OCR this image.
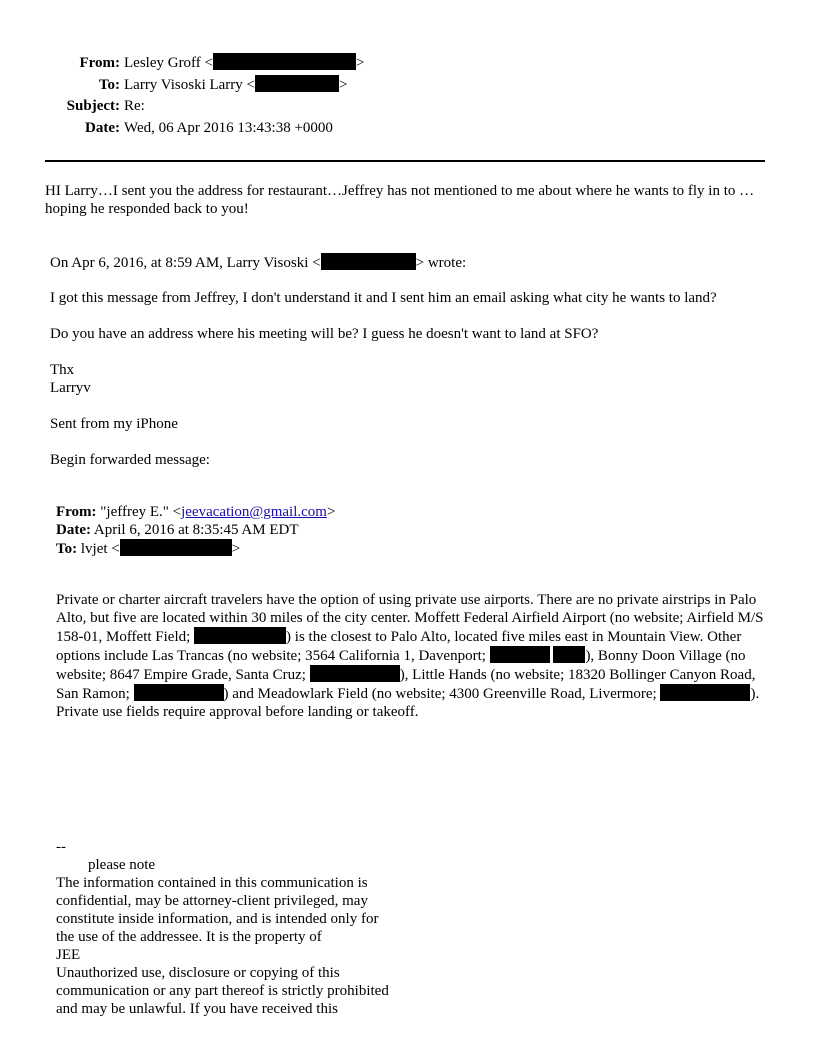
From: Lesley Groff <	>
To: Larry Visoski Larry <	>
Subject: Re:
Date: Wed, 06 Apr 2016 13:43:38 +0000
HI Larry…I sent you the address for restaurant…Jeffrey has not mentioned to me about where he wants to fly in to …hoping he responded back to you!
On Apr 6, 2016, at 8:59 AM, Larry Visoski <	> wrote:
I got this message from Jeffrey, I don't understand it and I sent him an email asking what city he wants to land?
Do you have an address where his meeting will be? I guess he doesn't want to land at SFO?
Thx
Larryv
Sent from my iPhone
Begin forwarded message:
From: "jeffrey E." <jeevacation@gmail.com>
Date: April 6, 2016 at 8:35:45 AM EDT
To: lvjet <	>
Private or charter aircraft travelers have the option of using private use airports. There are no private airstrips in Palo Alto, but five are located within 30 miles of the city center. Moffett Federal Airfield Airport (no website; Airfield M/S 158-01, Moffett Field;	) is the closest to Palo Alto, located five miles east in Mountain View. Other options include Las Trancas (no website; 3564 California 1, Davenport;	), Bonny Doon Village (no website; 8647 Empire Grade, Santa Cruz;	), Little Hands (no website; 18320 Bollinger Canyon Road, San Ramon;	) and Meadowlark Field (no website; 4300 Greenville Road, Livermore;	). Private use fields require approval before landing or takeoff.
--
please note
The information contained in this communication is
confidential, may be attorney-client privileged, may
constitute inside information, and is intended only for
the use of the addressee. It is the property of
JEE
Unauthorized use, disclosure or copying of this
communication or any part thereof is strictly prohibited
and may be unlawful. If you have received this
